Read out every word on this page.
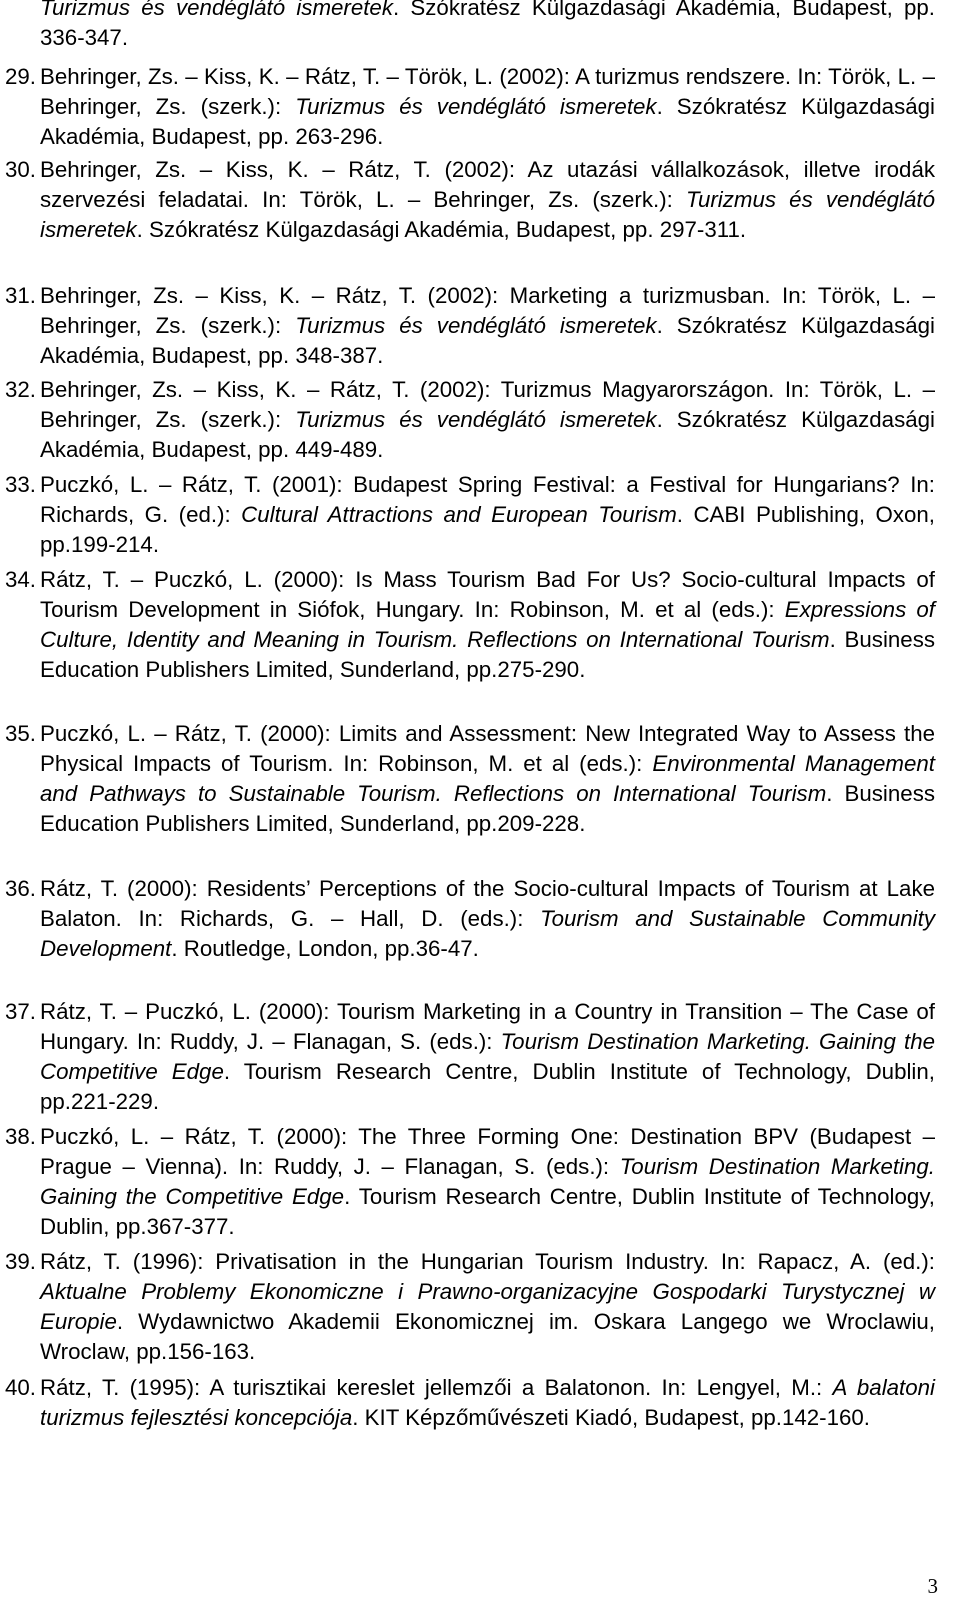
Turizmus és vendéglátó ismeretek. Szókratész Külgazdasági Akadémia, Budapest, pp. 336-347.
29. Behringer, Zs. – Kiss, K. – Rátz, T. – Török, L. (2002): A turizmus rendszere. In: Török, L. – Behringer, Zs. (szerk.): Turizmus és vendéglátó ismeretek. Szókratész Külgazdasági Akadémia, Budapest, pp. 263-296.
30. Behringer, Zs. – Kiss, K. – Rátz, T. (2002): Az utazási vállalkozások, illetve irodák szervezési feladatai. In: Török, L. – Behringer, Zs. (szerk.): Turizmus és vendéglátó ismeretek. Szókratész Külgazdasági Akadémia, Budapest, pp. 297-311.
31. Behringer, Zs. – Kiss, K. – Rátz, T. (2002): Marketing a turizmusban. In: Török, L. – Behringer, Zs. (szerk.): Turizmus és vendéglátó ismeretek. Szókratész Külgazdasági Akadémia, Budapest, pp. 348-387.
32. Behringer, Zs. – Kiss, K. – Rátz, T. (2002): Turizmus Magyarországon. In: Török, L. – Behringer, Zs. (szerk.): Turizmus és vendéglátó ismeretek. Szókratész Külgazdasági Akadémia, Budapest, pp. 449-489.
33. Puczkó, L. – Rátz, T. (2001): Budapest Spring Festival: a Festival for Hungarians? In: Richards, G. (ed.): Cultural Attractions and European Tourism. CABI Publishing, Oxon, pp.199-214.
34. Rátz, T. – Puczkó, L. (2000): Is Mass Tourism Bad For Us? Socio-cultural Impacts of Tourism Development in Siófok, Hungary. In: Robinson, M. et al (eds.): Expressions of Culture, Identity and Meaning in Tourism. Reflections on International Tourism. Business Education Publishers Limited, Sunderland, pp.275-290.
35. Puczkó, L. – Rátz, T. (2000): Limits and Assessment: New Integrated Way to Assess the Physical Impacts of Tourism. In: Robinson, M. et al (eds.): Environmental Management and Pathways to Sustainable Tourism. Reflections on International Tourism. Business Education Publishers Limited, Sunderland, pp.209-228.
36. Rátz, T. (2000): Residents’ Perceptions of the Socio-cultural Impacts of Tourism at Lake Balaton. In: Richards, G. – Hall, D. (eds.): Tourism and Sustainable Community Development. Routledge, London, pp.36-47.
37. Rátz, T. – Puczkó, L. (2000): Tourism Marketing in a Country in Transition – The Case of Hungary. In: Ruddy, J. – Flanagan, S. (eds.): Tourism Destination Marketing. Gaining the Competitive Edge. Tourism Research Centre, Dublin Institute of Technology, Dublin, pp.221-229.
38. Puczkó, L. – Rátz, T. (2000): The Three Forming One: Destination BPV (Budapest – Prague – Vienna). In: Ruddy, J. – Flanagan, S. (eds.): Tourism Destination Marketing. Gaining the Competitive Edge. Tourism Research Centre, Dublin Institute of Technology, Dublin, pp.367-377.
39. Rátz, T. (1996): Privatisation in the Hungarian Tourism Industry. In: Rapacz, A. (ed.): Aktualne Problemy Ekonomiczne i Prawno-organizacyjne Gospodarki Turystycznej w Europie. Wydawnictwo Akademii Ekonomicznej im. Oskara Langego we Wroclawiu, Wroclaw, pp.156-163.
40. Rátz, T. (1995): A turisztikai kereslet jellemzői a Balatonon. In: Lengyel, M.: A balatoni turizmus fejlesztési koncepciója. KIT Képzőművészeti Kiadó, Budapest, pp.142-160.
3
